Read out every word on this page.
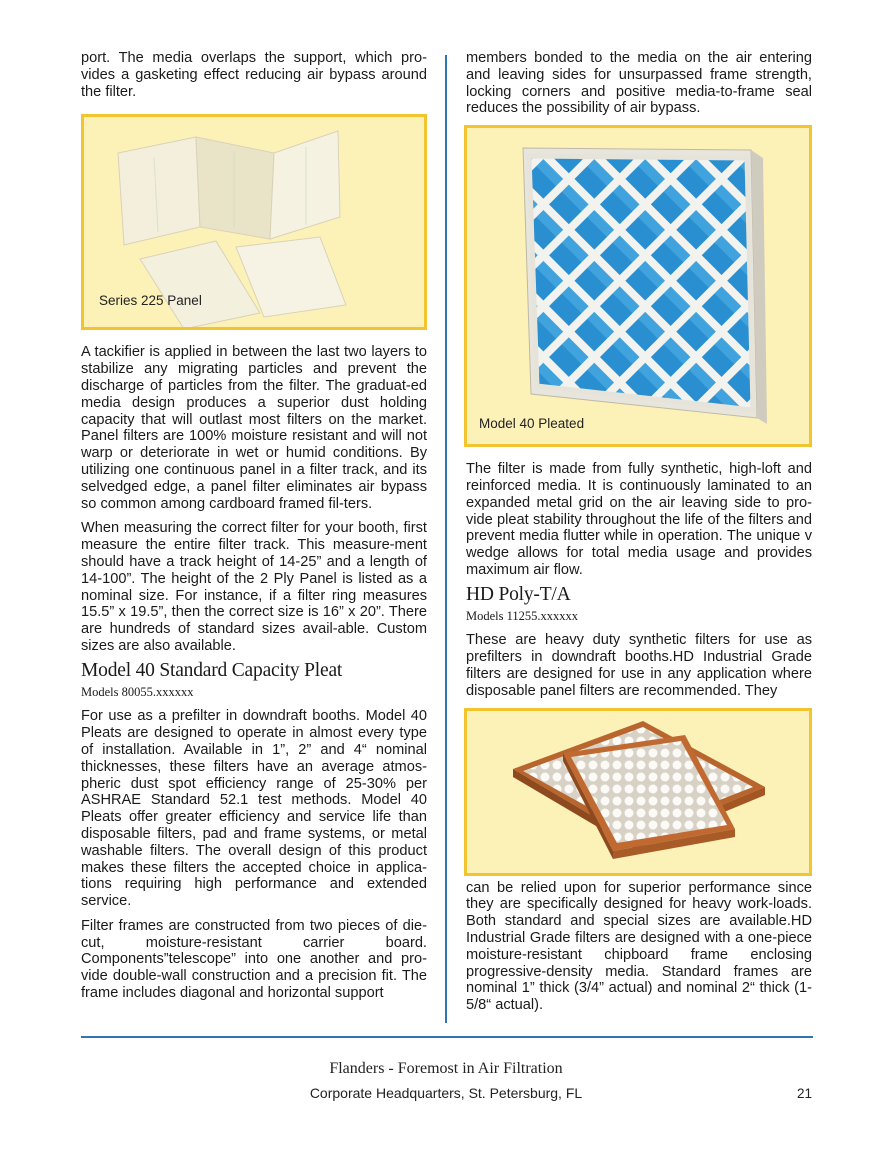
port. The media overlaps the support, which pro-vides a gasketing effect reducing air bypass around the filter.

Series 225 Panel

A tackifier is applied in between the last two layers to stabilize any migrating particles and prevent the discharge of particles from the filter. The graduat-ed media design produces a superior dust holding capacity that will outlast most filters on the market. Panel filters are 100% moisture resistant and will not warp or deteriorate in wet or humid conditions. By utilizing one continuous panel in a filter track, and its selvedged edge, a panel filter eliminates air bypass so common among cardboard framed fil-ters.

When measuring the correct filter for your booth, first measure the entire filter track. This measure-ment should have a track height of 14-25” and a length of 14-100”. The height of the 2 Ply Panel is listed as a nominal size. For instance, if a filter ring measures 15.5” x 19.5”, then the correct size is 16” x 20”. There are hundreds of standard sizes avail-able. Custom sizes are also available.

Model 40 Standard Capacity Pleat
Models 80055.xxxxxx

For use as a prefilter in downdraft booths. Model 40 Pleats are designed to operate in almost every type of installation. Available in 1”, 2” and 4“ nominal thicknesses, these filters have an average atmos-pheric dust spot efficiency range of 25-30% per ASHRAE Standard 52.1 test methods. Model 40 Pleats offer greater efficiency and service life than disposable filters, pad and frame systems, or metal washable filters. The overall design of this product makes these filters the accepted choice in applica-tions requiring high performance and extended service.

Filter frames are constructed from two pieces of die-cut, moisture-resistant carrier board. Components”telescope” into one another and pro-vide double-wall construction and a precision fit. The frame includes diagonal and horizontal support

members bonded to the media on the air entering and leaving sides for unsurpassed frame strength, locking corners and positive media-to-frame seal reduces the possibility of air bypass.

Model 40 Pleated

The filter is made from fully synthetic, high-loft and reinforced media. It is continuously laminated to an expanded metal grid on the air leaving side to pro-vide pleat stability throughout the life of the filters and prevent media flutter while in operation. The unique v wedge allows for total media usage and provides maximum air flow.

HD Poly-T/A
Models 11255.xxxxxx

These are heavy duty synthetic filters for use as prefilters in downdraft booths.HD Industrial Grade filters are designed for use in any application where disposable panel filters are recommended. They

can be relied upon for superior performance since they are specifically designed for heavy work-loads. Both standard and special sizes are available.HD Industrial Grade filters are designed with a one-piece moisture-resistant chipboard frame enclosing progressive-density media. Standard frames are nominal 1” thick (3/4” actual) and nominal 2“ thick (1-5/8“ actual).

Flanders - Foremost in Air Filtration
Corporate Headquarters, St. Petersburg, FL	21
